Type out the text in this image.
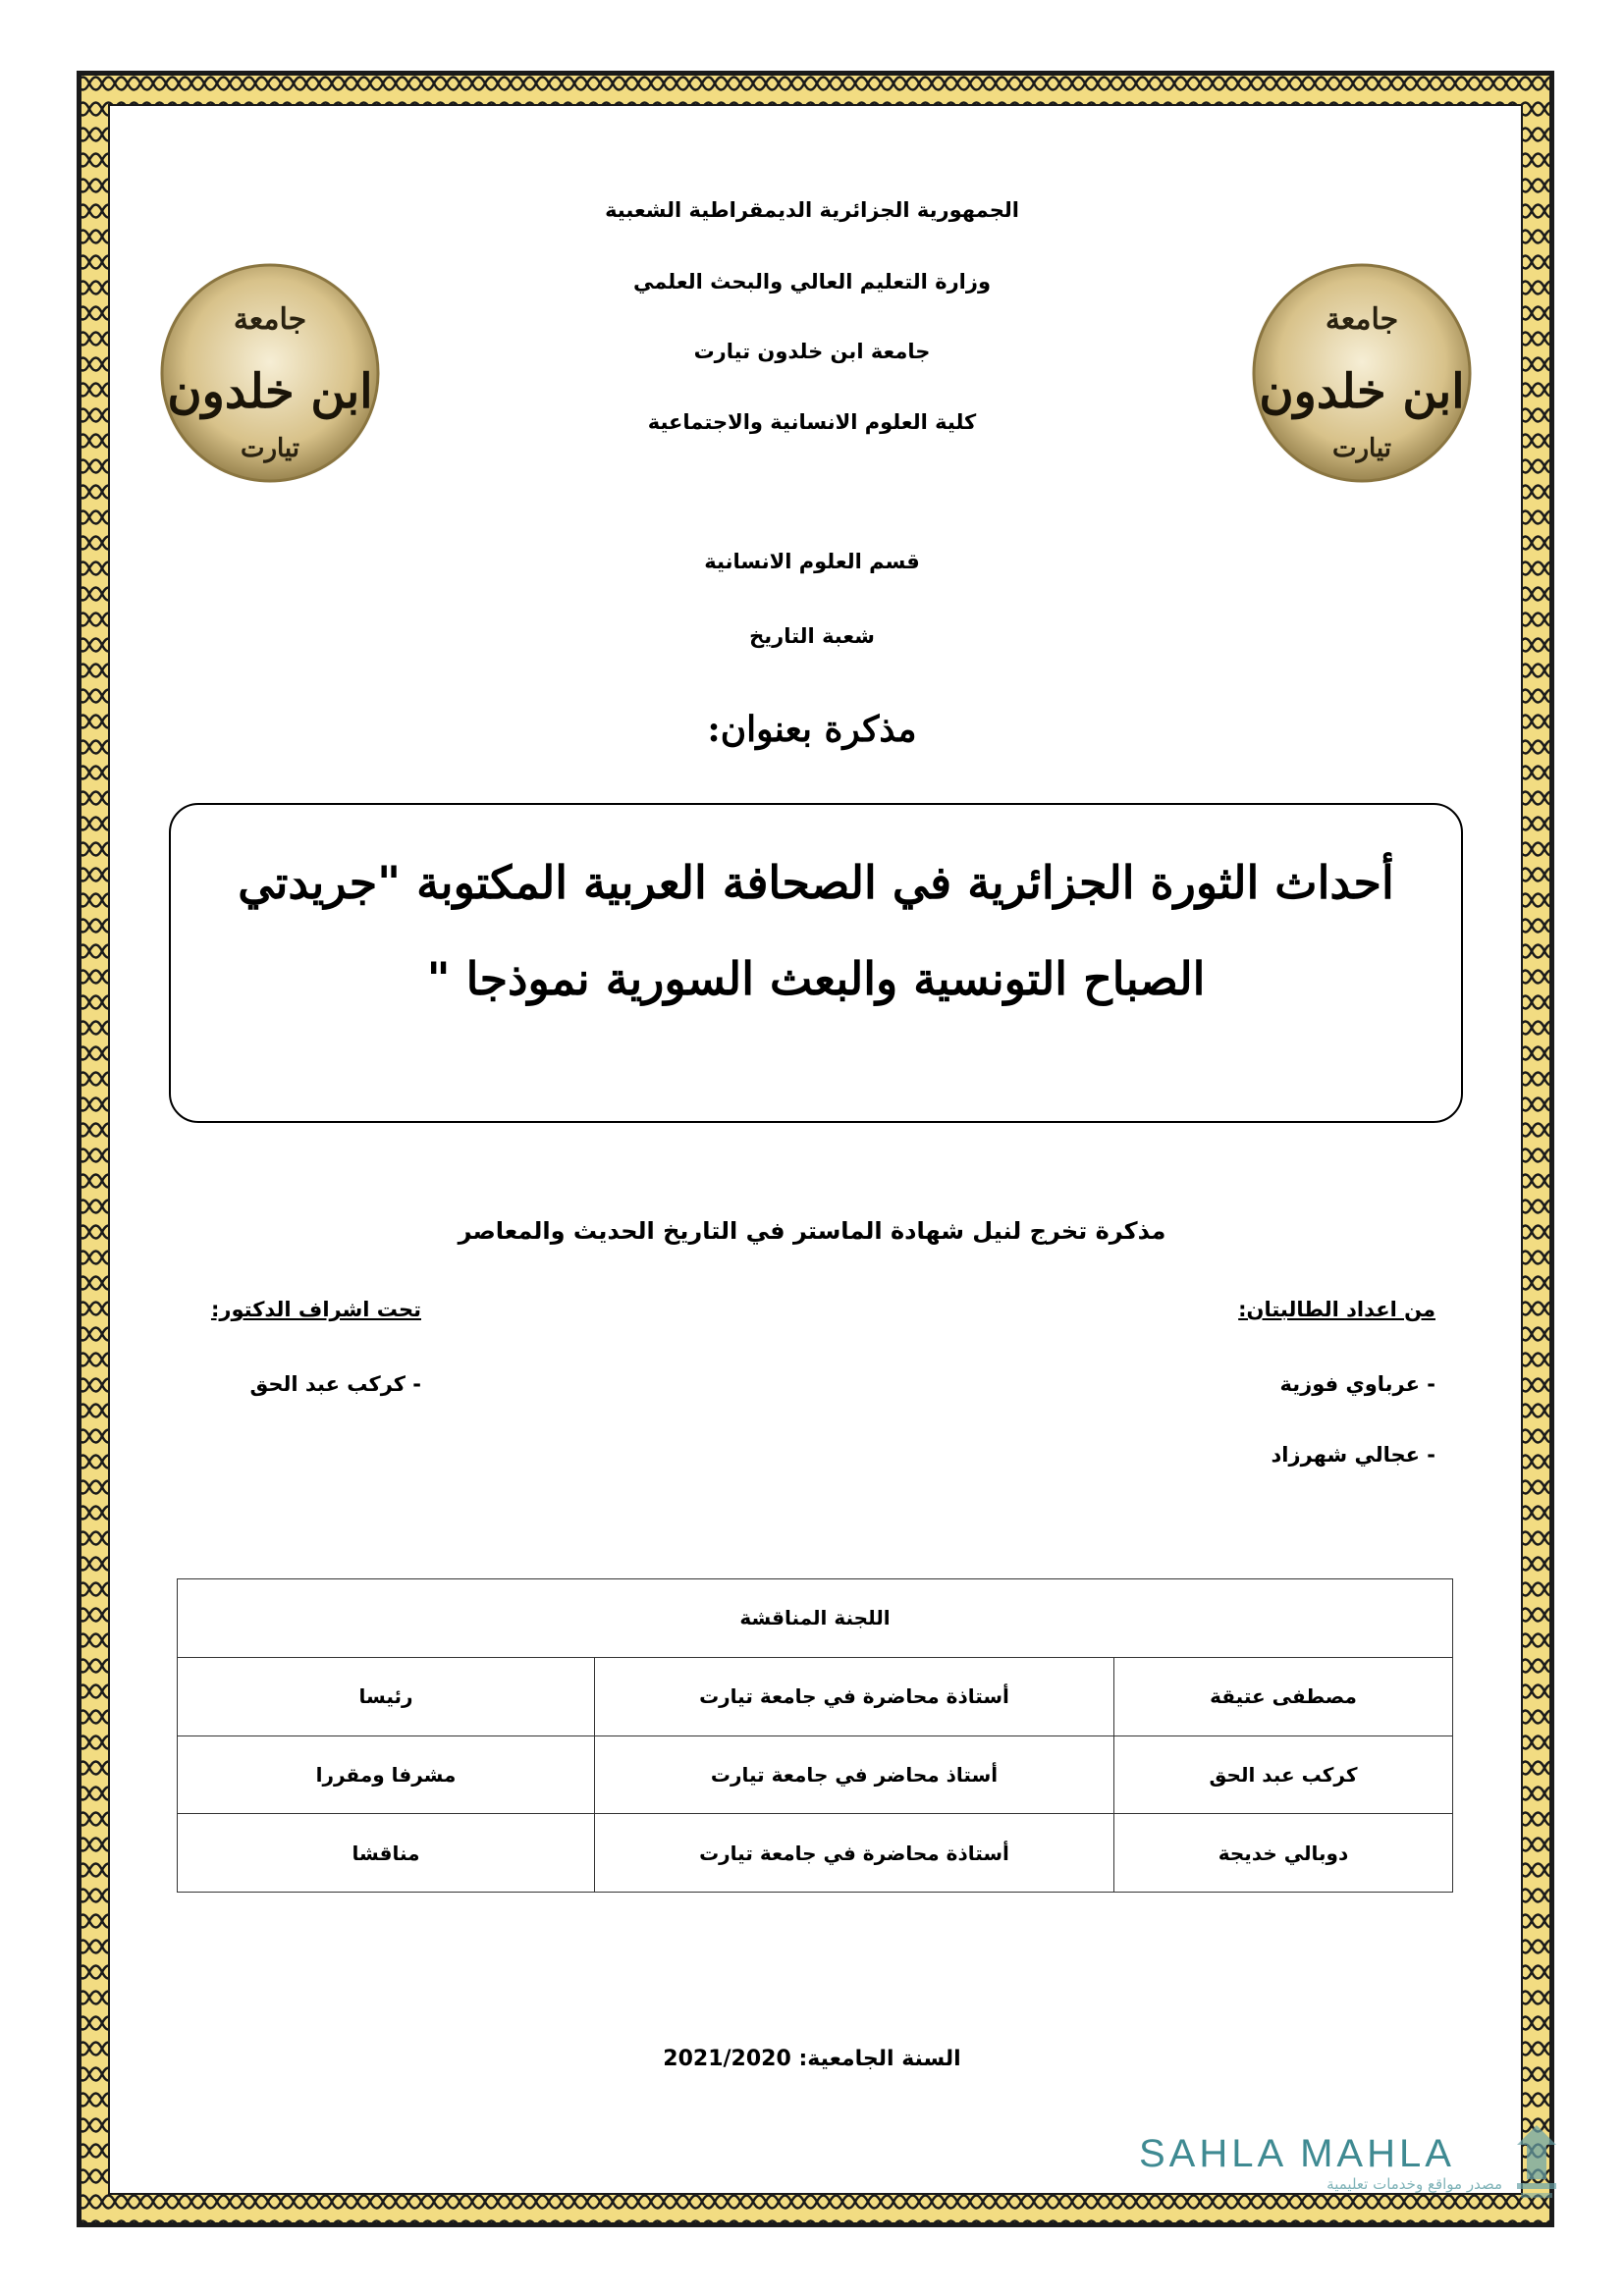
الجمهورية الجزائرية الديمقراطية الشعبية
وزارة التعليم العالي والبحث العلمي
جامعة ابن خلدون تيارت
كلية العلوم الانسانية والاجتماعية
جامعة
ابن خلدون
تيارت
جامعة
ابن خلدون
تيارت
قسم العلوم الانسانية
شعبة التاريخ
مذكرة بعنوان:
أحداث الثورة الجزائرية في الصحافة العربية المكتوبة "جريدتي
الصباح التونسية والبعث السورية نموذجا "
مذكرة تخرج لنيل شهادة الماستر في التاريخ الحديث والمعاصر
من اعداد الطالبتان:
- عرباوي فوزية
- عجالي شهرزاد
تحت اشراف الدكتور:
- كركب عبد الحق
اللجنة المناقشة		
مصطفى عتيقة	أستاذة محاضرة في جامعة تيارت	رئيسا
كركب عبد الحق	أستاذ محاضر في جامعة تيارت	مشرفا ومقررا
دوبالي خديجة	أستاذة محاضرة في جامعة تيارت	مناقشا
السنة الجامعية: 2021/2020
SAHLA MAHLA
مصدر مواقع وخدمات تعليمية
